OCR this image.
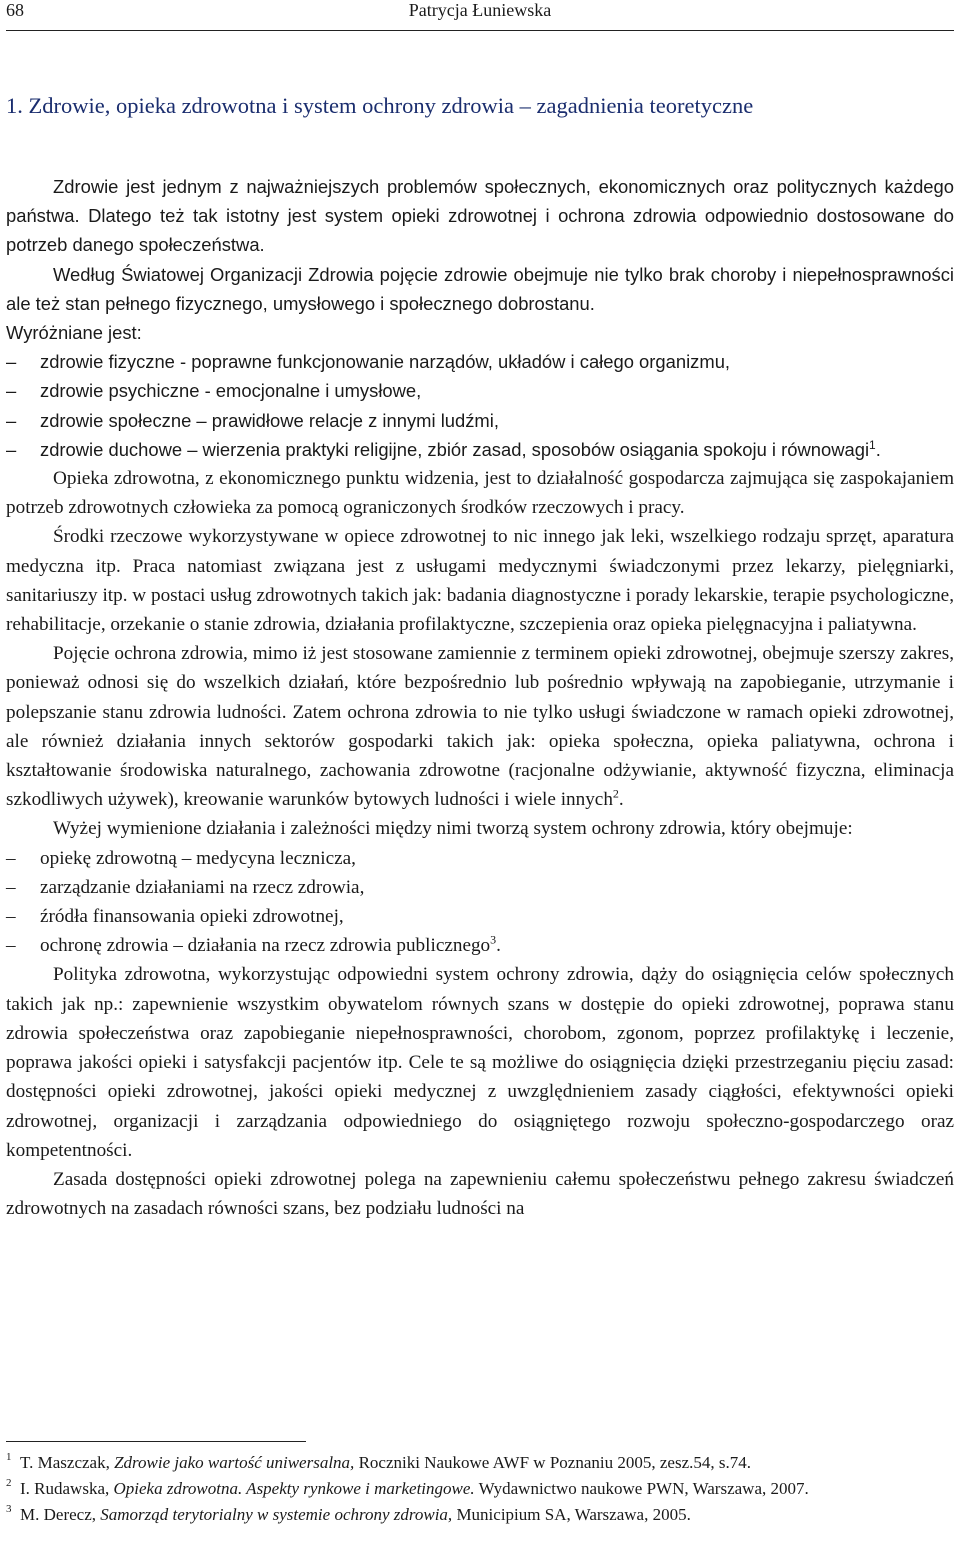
68	Patrycja Łuniewska
1. Zdrowie, opieka zdrowotna i system ochrony zdrowia – zagadnienia teoretyczne

Zdrowie jest jednym z najważniejszych problemów społecznych, ekonomicznych oraz politycznych każdego państwa. Dlatego też tak istotny jest system opieki zdrowotnej i ochrona zdrowia odpowiednio dostosowane do potrzeb danego społeczeństwa.

Według Światowej Organizacji Zdrowia pojęcie zdrowie obejmuje nie tylko brak choroby i niepełnosprawności ale też stan pełnego fizycznego, umysłowego i społecznego dobrostanu.

Wyróżniane jest:

– zdrowie fizyczne - poprawne funkcjonowanie narządów, układów i całego organizmu,
– zdrowie psychiczne - emocjonalne i umysłowe,
– zdrowie społeczne – prawidłowe relacje z innymi ludźmi,
– zdrowie duchowe – wierzenia praktyki religijne, zbiór zasad, sposobów osiągania spokoju i równowagi$^1$.

Opieka zdrowotna, z ekonomicznego punktu widzenia, jest to działalność gospodarcza zajmująca się zaspokajaniem potrzeb zdrowotnych człowieka za pomocą ograniczonych środków rzeczowych i pracy.

Środki rzeczowe wykorzystywane w opiece zdrowotnej to nic innego jak leki, wszelkiego rodzaju sprzęt, aparatura medyczna itp. Praca natomiast związana jest z usługami medycznymi świadczonymi przez lekarzy, pielęgniarki, sanitariuszy itp. w postaci usług zdrowotnych takich jak: badania diagnostyczne i porady lekarskie, terapie psychologiczne, rehabilitacje, orzekanie o stanie zdrowia, działania profilaktyczne, szczepienia oraz opieka pielęgnacyjna i paliatywna.

Pojęcie ochrona zdrowia, mimo iż jest stosowane zamiennie z terminem opieki zdrowotnej, obejmuje szerszy zakres, ponieważ odnosi się do wszelkich działań, które bezpośrednio lub pośrednio wpływają na zapobieganie, utrzymanie i polepszanie stanu zdrowia ludności. Zatem ochrona zdrowia to nie tylko usługi świadczone w ramach opieki zdrowotnej, ale również działania innych sektorów gospodarki takich jak: opieka społeczna, opieka paliatywna, ochrona i kształtowanie środowiska naturalnego, zachowania zdrowotne (racjonalne odżywianie, aktywność fizyczna, eliminacja szkodliwych używek), kreowanie warunków bytowych ludności i wiele innych$^2$.

Wyżej wymienione działania i zależności między nimi tworzą system ochrony zdrowia, który obejmuje:

– opiekę zdrowotną – medycyna lecznicza,
– zarządzanie działaniami na rzecz zdrowia,
– źródła finansowania opieki zdrowotnej,
– ochronę zdrowia – działania na rzecz zdrowia publicznego$^3$.

Polityka zdrowotna, wykorzystując odpowiedni system ochrony zdrowia, dąży do osiągnięcia celów społecznych takich jak np.: zapewnienie wszystkim obywatelom równych szans w dostępie do opieki zdrowotnej, poprawa stanu zdrowia społeczeństwa oraz zapobieganie niepełnosprawności, chorobom, zgonom, poprzez profilaktykę i leczenie, poprawa jakości opieki i satysfakcji pacjentów itp. Cele te są możliwe do osiągnięcia dzięki przestrzeganiu pięciu zasad: dostępności opieki zdrowotnej, jakości opieki medycznej z uwzględnieniem zasady ciągłości, efektywności opieki zdrowotnej, organizacji i zarządzania odpowiedniego do osiągniętego rozwoju społeczno-gospodarczego oraz kompetentności.

Zasada dostępności opieki zdrowotnej polega na zapewnieniu całemu społeczeństwu pełnego zakresu świadczeń zdrowotnych na zasadach równości szans, bez podziału ludności na

1 T. Maszczak, Zdrowie jako wartość uniwersalna, Roczniki Naukowe AWF w Poznaniu 2005, zesz.54, s.74.
2 I. Rudawska, Opieka zdrowotna. Aspekty rynkowe i marketingowe. Wydawnictwo naukowe PWN, Warszawa, 2007.
3 M. Derecz, Samorząd terytorialny w systemie ochrony zdrowia, Municipium SA, Warszawa, 2005.
